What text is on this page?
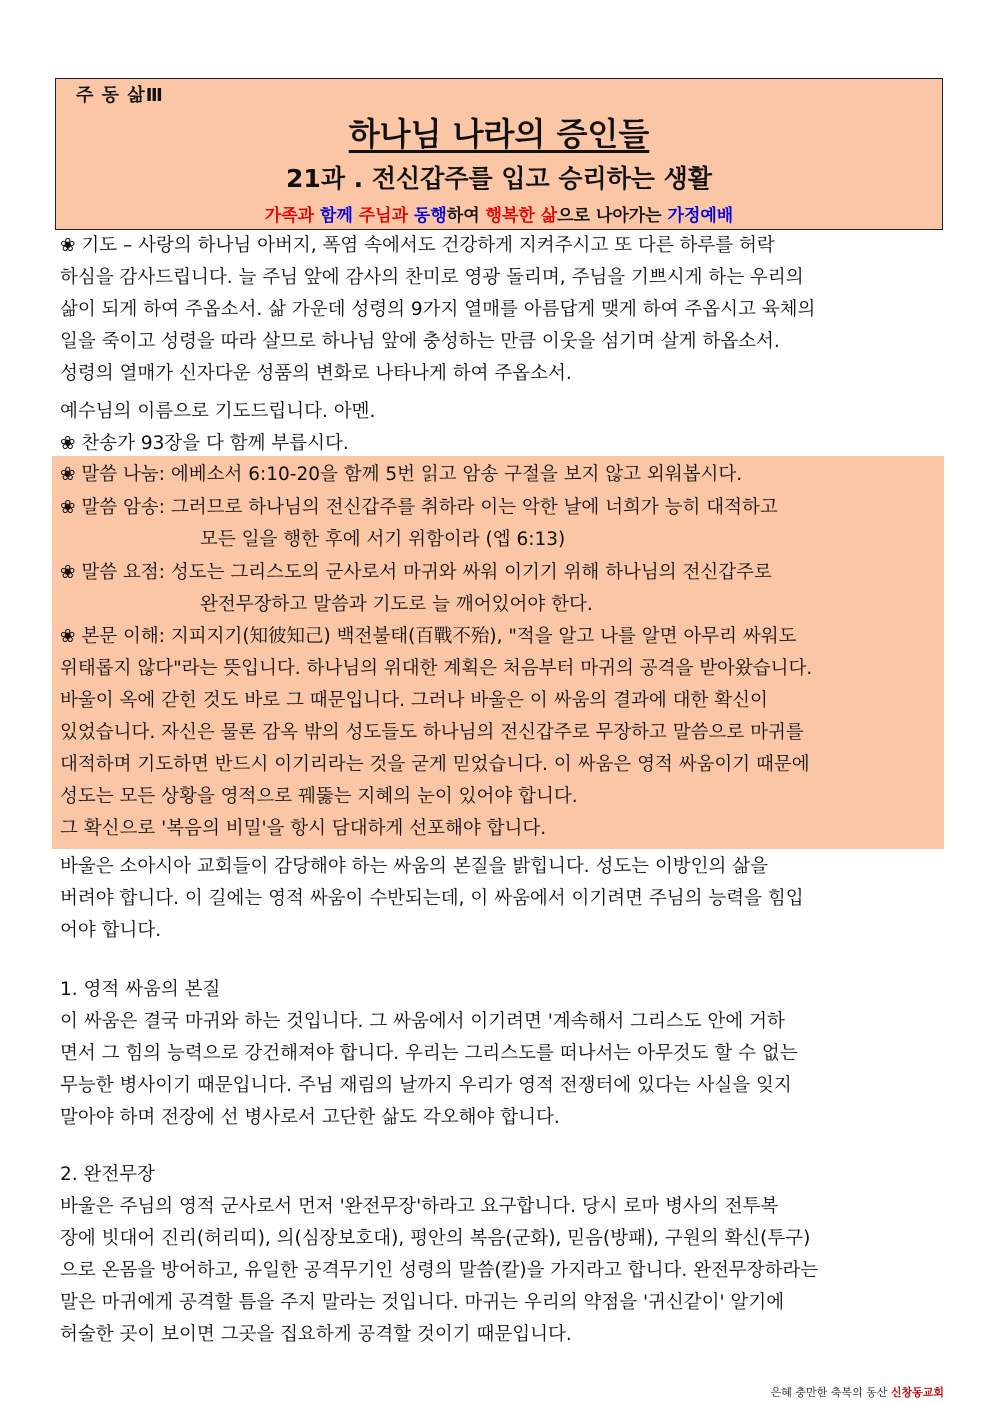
주 동 삶Ⅲ
하나님 나라의 증인들
21과 . 전신갑주를 입고 승리하는 생활
가족과 함께 주님과 동행하여 행복한 삶으로 나아가는 가정예배
❀ 기도 – 사랑의 하나님 아버지, 폭염 속에서도 건강하게 지켜주시고 또 다른 하루를 허락
하심을 감사드립니다. 늘 주님 앞에 감사의 찬미로 영광 돌리며, 주님을 기쁘시게 하는 우리의
삶이 되게 하여 주옵소서. 삶 가운데 성령의 9가지 열매를 아름답게 맺게 하여 주옵시고 육체의
일을 죽이고 성령을 따라 살므로 하나님 앞에 충성하는 만큼 이웃을 섬기며 살게 하옵소서.
성령의 열매가 신자다운 성품의 변화로 나타나게 하여 주옵소서.
예수님의 이름으로 기도드립니다. 아멘.
❀ 찬송가 93장을 다 함께 부릅시다.
❀ 말씀 나눔: 에베소서 6:10-20을 함께 5번 읽고 암송 구절을 보지 않고 외워봅시다.
❀ 말씀 암송: 그러므로 하나님의 전신갑주를 취하라 이는 악한 날에 너희가 능히 대적하고
모든 일을 행한 후에 서기 위함이라 (엡 6:13)
❀ 말씀 요점: 성도는 그리스도의 군사로서 마귀와 싸워 이기기 위해 하나님의 전신갑주로
완전무장하고 말씀과 기도로 늘 깨어있어야 한다.
❀ 본문 이해: 지피지기(知彼知己) 백전불태(百戰不殆), "적을 알고 나를 알면 아무리 싸워도
위태롭지 않다"라는 뜻입니다. 하나님의 위대한 계획은 처음부터 마귀의 공격을 받아왔습니다.
바울이 옥에 갇힌 것도 바로 그 때문입니다. 그러나 바울은 이 싸움의 결과에 대한 확신이
있었습니다. 자신은 물론 감옥 밖의 성도들도 하나님의 전신갑주로 무장하고 말씀으로 마귀를
대적하며 기도하면 반드시 이기리라는 것을 굳게 믿었습니다. 이 싸움은 영적 싸움이기 때문에
성도는 모든 상황을 영적으로 꿰뚫는 지혜의 눈이 있어야 합니다.
그 확신으로 '복음의 비밀'을 항시 담대하게 선포해야 합니다.
바울은 소아시아 교회들이 감당해야 하는 싸움의 본질을 밝힙니다. 성도는 이방인의 삶을
버려야 합니다. 이 길에는 영적 싸움이 수반되는데, 이 싸움에서 이기려면 주님의 능력을 힘입
어야 합니다.
1. 영적 싸움의 본질
이 싸움은 결국 마귀와 하는 것입니다. 그 싸움에서 이기려면 '계속해서 그리스도 안에 거하
면서 그 힘의 능력으로 강건해져야 합니다. 우리는 그리스도를 떠나서는 아무것도 할 수 없는
무능한 병사이기 때문입니다. 주님 재림의 날까지 우리가 영적 전쟁터에 있다는 사실을 잊지
말아야 하며 전장에 선 병사로서 고단한 삶도 각오해야 합니다.
2. 완전무장
바울은 주님의 영적 군사로서 먼저 '완전무장'하라고 요구합니다. 당시 로마 병사의 전투복
장에 빗대어 진리(허리띠), 의(심장보호대), 평안의 복음(군화), 믿음(방패), 구원의 확신(투구)
으로 온몸을 방어하고, 유일한 공격무기인 성령의 말씀(칼)을 가지라고 합니다. 완전무장하라는
말은 마귀에게 공격할 틈을 주지 말라는 것입니다. 마귀는 우리의 약점을 '귀신같이' 알기에
허술한 곳이 보이면 그곳을 집요하게 공격할 것이기 때문입니다.
은혜 충만한 축복의 동산 신창동교회
